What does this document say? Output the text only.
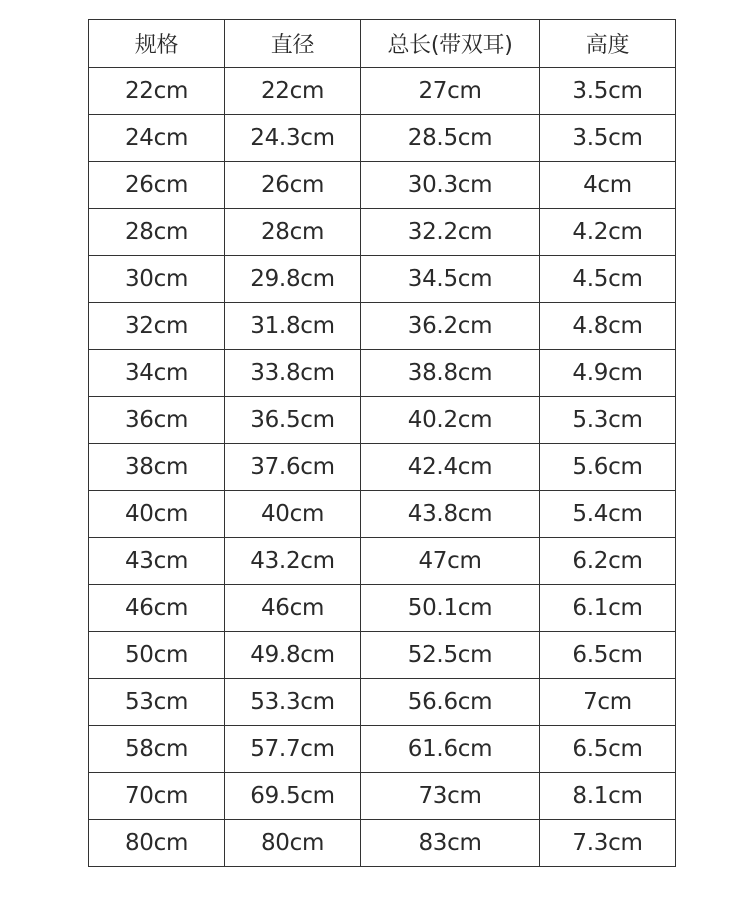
规格	直径	总长(带双耳)	高度
22cm	22cm	27cm	3.5cm
24cm	24.3cm	28.5cm	3.5cm
26cm	26cm	30.3cm	4cm
28cm	28cm	32.2cm	4.2cm
30cm	29.8cm	34.5cm	4.5cm
32cm	31.8cm	36.2cm	4.8cm
34cm	33.8cm	38.8cm	4.9cm
36cm	36.5cm	40.2cm	5.3cm
38cm	37.6cm	42.4cm	5.6cm
40cm	40cm	43.8cm	5.4cm
43cm	43.2cm	47cm	6.2cm
46cm	46cm	50.1cm	6.1cm
50cm	49.8cm	52.5cm	6.5cm
53cm	53.3cm	56.6cm	7cm
58cm	57.7cm	61.6cm	6.5cm
70cm	69.5cm	73cm	8.1cm
80cm	80cm	83cm	7.3cm
